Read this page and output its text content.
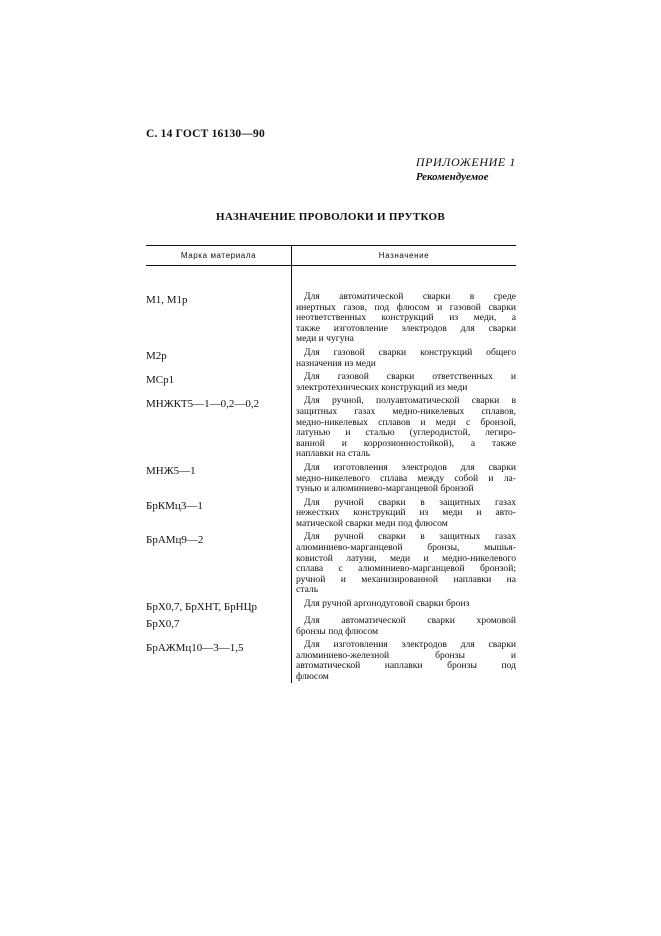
С. 14 ГОСТ 16130—90
ПРИЛОЖЕНИЕ 1
Рекомендуемое
НАЗНАЧЕНИЕ ПРОВОЛОКИ И ПРУТКОВ
Марка материала	Назначение
М1, М1р	Для автоматической сварки в среде
инертных газов, под флюсом и газовой сварки
неответственных конструкций из меди, а
также изготовление электродов для сварки
меди и чугуна
М2р	Для газовой сварки конструкций общего
назначения из меди
МСр1	Для газовой сварки ответственных и
электротехнических конструкций из меди
МНЖКТ5—1—0,2—0,2	Для ручной, полуавтоматической сварки в
защитных газах медно-никелевых сплавов,
медно-никелевых сплавов и меди с бронзой,
латунью и сталью (углеродистой, легиро-
ванной и коррозионностойкой), а также
наплавки на сталь
МНЖ5—1	Для изготовления электродов для сварки
медно-никелевого сплава между собой и ла-
тунью и алюминиево-марганцевой бронзой
БрКМц3—1	Для ручной сварки в защитных газах
нежестких конструкций из меди и авто-
матической сварки меди под флюсом
БрАМц9—2	Для ручной сварки в защитных газах
алюминиево-марганцевой бронзы, мышья-
ковистой латуни, меди и медно-никелевого
сплава с алюминиево-марганцевой бронзой;
ручной и механизированной наплавки на
сталь
БрХ0,7, БрХНТ, БрНЦр	Для ручной аргонодуговой сварки бронз
БрХ0,7	Для автоматической сварки хромовой
бронзы под флюсом
БрАЖМц10—3—1,5	Для изготовления электродов для сварки
алюминиево-железной бронзы и
автоматической наплавки бронзы под
флюсом
